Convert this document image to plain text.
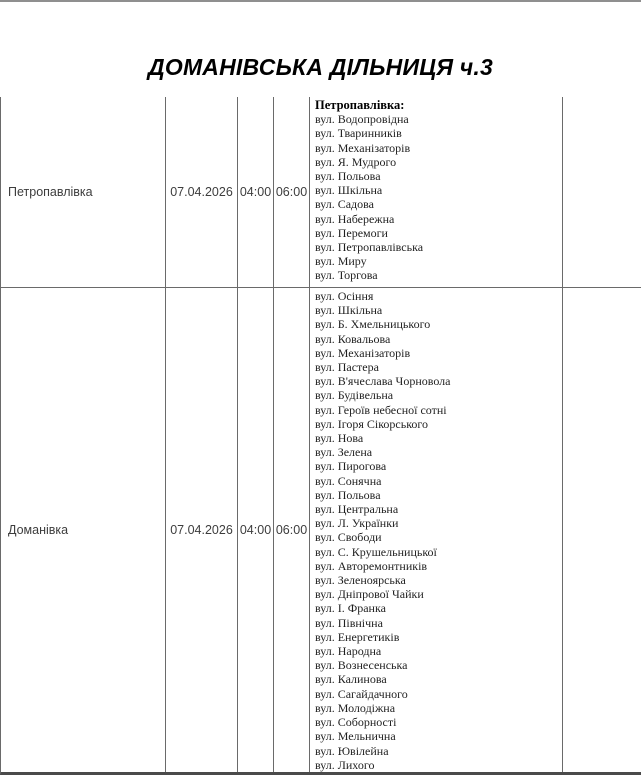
ДОМАНІВСЬКА ДІЛЬНИЦЯ ч.3
Петропавлівка	07.04.2026 04:00 06:00
Петропавлівка:
вул. Водопровідна
вул. Тваринників
вул. Механізаторів
вул. Я. Мудрого
вул. Польова
вул. Шкільна
вул. Садова
вул. Набережна
вул. Перемоги
вул. Петропавлівська
вул. Миру
вул. Торгова
Доманівка	07.04.2026 04:00 06:00
вул. Осіння
вул. Шкільна
вул. Б. Хмельницького
вул. Ковальова
вул. Механізаторів
вул. Пастера
вул. В'ячеслава Чорновола
вул. Будівельна
вул. Героїв небесної сотні
вул. Ігоря Сікорського
вул. Нова
вул. Зелена
вул. Пирогова
вул. Сонячна
вул. Польова
вул. Центральна
вул. Л. Українки
вул. Свободи
вул. С. Крушельницької
вул. Авторемонтників
вул. Зеленоярська
вул. Дніпрової Чайки
вул. І. Франка
вул. Північна
вул. Енергетиків
вул. Народна
вул. Вознесенська
вул. Калинова
вул. Сагайдачного
вул. Молодіжна
вул. Соборності
вул. Мельнична
вул. Ювілейна
вул. Лихого
